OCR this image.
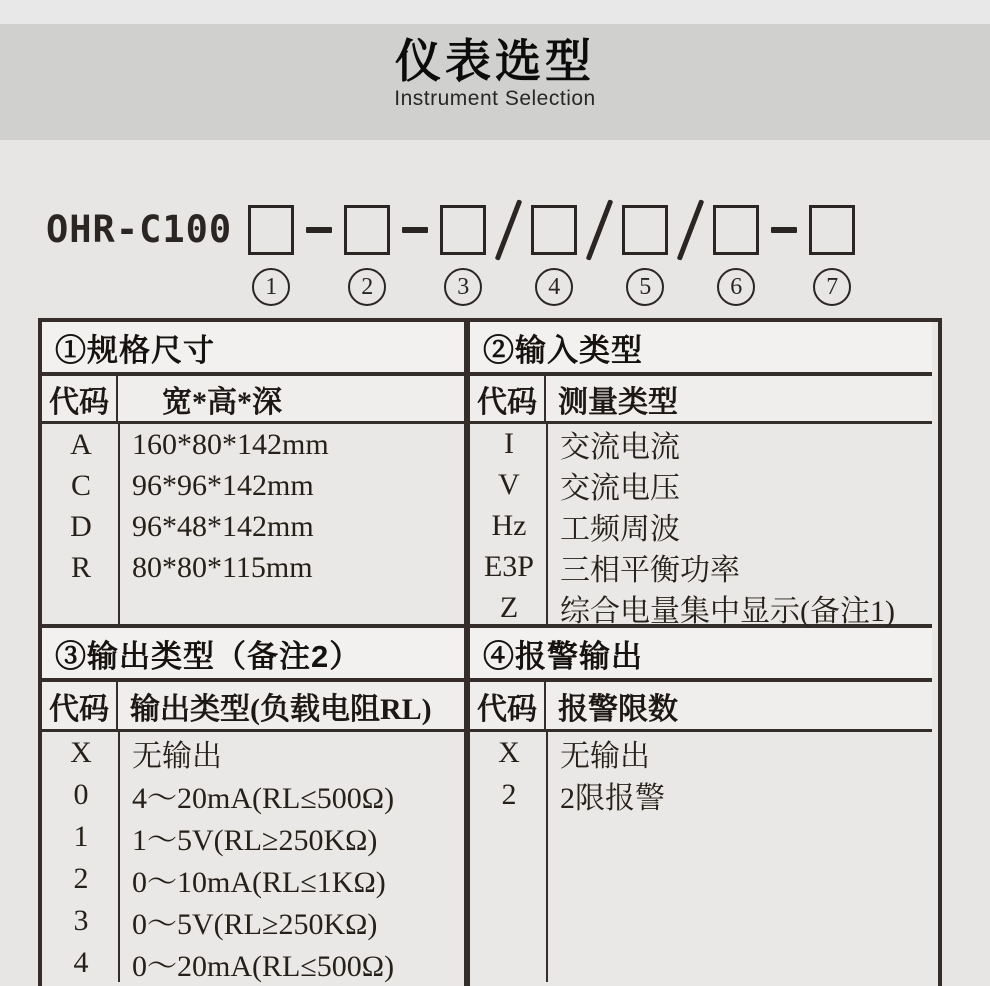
仪表选型
Instrument Selection
OHR-C100
1	2	3	4	5	6	7
①规格尺寸
代码	宽*高*深
A	160*80*142mm
C	96*96*142mm
D	96*48*142mm
R	80*80*115mm
③输出类型（备注2）
代码 输出类型(负载电阻RL)
X	无输出
0	4～20mA(RL≤500Ω)
1	1～5V(RL≥250KΩ)
2	0～10mA(RL≤1KΩ)
3	0～5V(RL≥250KΩ)
4	0～20mA(RL≤500Ω)
②输入类型
代码 测量类型
I	交流电流
V	交流电压
Hz	工频周波
E3P 三相平衡功率
Z	综合电量集中显示(备注1)
④报警输出
代码 报警限数
X	无输出
2	2限报警
